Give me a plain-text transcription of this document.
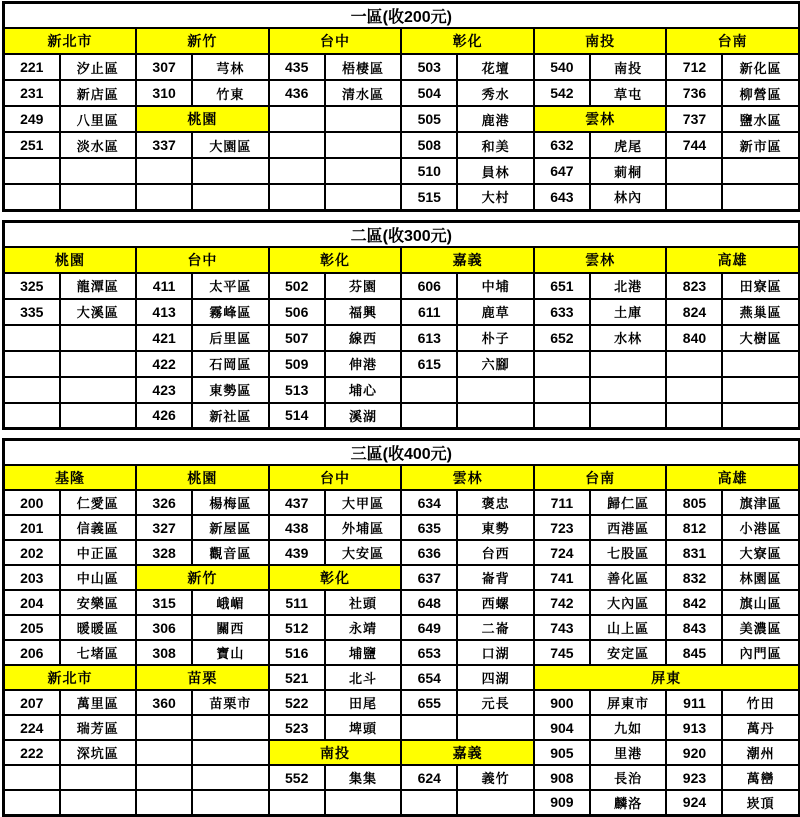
一區(收200元)											
新北市		新竹		台中		彰化		南投		台南	
221	汐止區	307	芎林	435	梧棲區	503	花壇	540	南投	712	新化區
231	新店區	310	竹東	436	清水區	504	秀水	542	草屯	736	柳營區
249	八里區	桃園				505	鹿港	雲林		737	鹽水區
251	淡水區	337	大園區			508	和美	632	虎尾	744	新市區
						510	員林	647	莿桐		
						515	大村	643	林內		
二區(收300元)											
桃園		台中		彰化		嘉義		雲林		高雄	
325	龍潭區	411	太平區	502	芬園	606	中埔	651	北港	823	田寮區
335	大溪區	413	霧峰區	506	福興	611	鹿草	633	土庫	824	燕巢區
		421	后里區	507	線西	613	朴子	652	水林	840	大樹區
		422	石岡區	509	伸港	615	六腳				
		423	東勢區	513	埔心						
		426	新社區	514	溪湖						
三區(收400元)											
基隆		桃園		台中		雲林		台南		高雄	
200	仁愛區	326	楊梅區	437	大甲區	634	褒忠	711	歸仁區	805	旗津區
201	信義區	327	新屋區	438	外埔區	635	東勢	723	西港區	812	小港區
202	中正區	328	觀音區	439	大安區	636	台西	724	七股區	831	大寮區
203	中山區	新竹		彰化		637	崙背	741	善化區	832	林園區
204	安樂區	315	峨嵋	511	社頭	648	西螺	742	大內區	842	旗山區
205	暖暖區	306	關西	512	永靖	649	二崙	743	山上區	843	美濃區
206	七堵區	308	寶山	516	埔鹽	653	口湖	745	安定區	845	內門區
新北市		苗栗		521	北斗	654	四湖	屏東			
207	萬里區	360	苗栗市	522	田尾	655	元長	900	屏東市	911	竹田
224	瑞芳區			523	埤頭			904	九如	913	萬丹
222	深坑區			南投		嘉義		905	里港	920	潮州
				552	集集	624	義竹	908	長治	923	萬巒
								909	麟洛	924	崁頂
